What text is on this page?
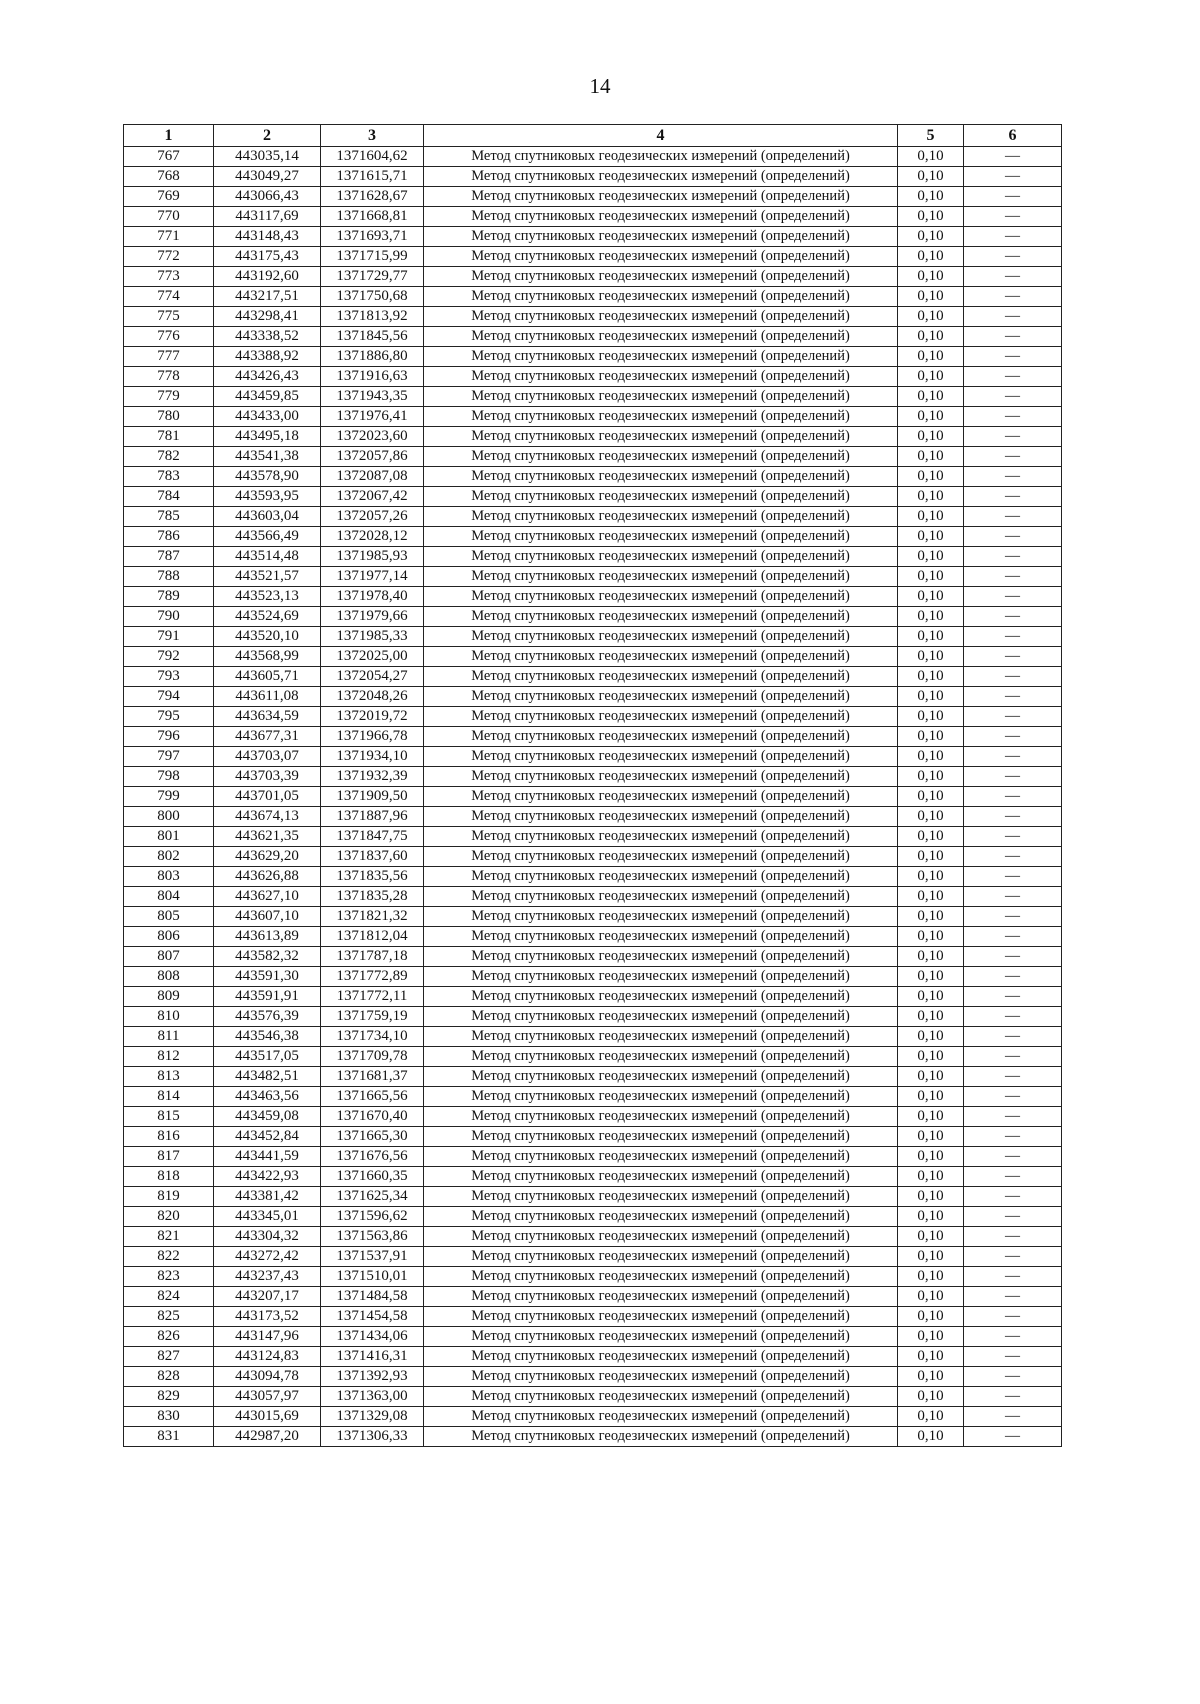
14
1	2	3	4	5	6
767	443035,14	1371604,62	Метод спутниковых геодезических измерений (определений)	0,10	—
768	443049,27	1371615,71	Метод спутниковых геодезических измерений (определений)	0,10	—
769	443066,43	1371628,67	Метод спутниковых геодезических измерений (определений)	0,10	—
770	443117,69	1371668,81	Метод спутниковых геодезических измерений (определений)	0,10	—
771	443148,43	1371693,71	Метод спутниковых геодезических измерений (определений)	0,10	—
772	443175,43	1371715,99	Метод спутниковых геодезических измерений (определений)	0,10	—
773	443192,60	1371729,77	Метод спутниковых геодезических измерений (определений)	0,10	—
774	443217,51	1371750,68	Метод спутниковых геодезических измерений (определений)	0,10	—
775	443298,41	1371813,92	Метод спутниковых геодезических измерений (определений)	0,10	—
776	443338,52	1371845,56	Метод спутниковых геодезических измерений (определений)	0,10	—
777	443388,92	1371886,80	Метод спутниковых геодезических измерений (определений)	0,10	—
778	443426,43	1371916,63	Метод спутниковых геодезических измерений (определений)	0,10	—
779	443459,85	1371943,35	Метод спутниковых геодезических измерений (определений)	0,10	—
780	443433,00	1371976,41	Метод спутниковых геодезических измерений (определений)	0,10	—
781	443495,18	1372023,60	Метод спутниковых геодезических измерений (определений)	0,10	—
782	443541,38	1372057,86	Метод спутниковых геодезических измерений (определений)	0,10	—
783	443578,90	1372087,08	Метод спутниковых геодезических измерений (определений)	0,10	—
784	443593,95	1372067,42	Метод спутниковых геодезических измерений (определений)	0,10	—
785	443603,04	1372057,26	Метод спутниковых геодезических измерений (определений)	0,10	—
786	443566,49	1372028,12	Метод спутниковых геодезических измерений (определений)	0,10	—
787	443514,48	1371985,93	Метод спутниковых геодезических измерений (определений)	0,10	—
788	443521,57	1371977,14	Метод спутниковых геодезических измерений (определений)	0,10	—
789	443523,13	1371978,40	Метод спутниковых геодезических измерений (определений)	0,10	—
790	443524,69	1371979,66	Метод спутниковых геодезических измерений (определений)	0,10	—
791	443520,10	1371985,33	Метод спутниковых геодезических измерений (определений)	0,10	—
792	443568,99	1372025,00	Метод спутниковых геодезических измерений (определений)	0,10	—
793	443605,71	1372054,27	Метод спутниковых геодезических измерений (определений)	0,10	—
794	443611,08	1372048,26	Метод спутниковых геодезических измерений (определений)	0,10	—
795	443634,59	1372019,72	Метод спутниковых геодезических измерений (определений)	0,10	—
796	443677,31	1371966,78	Метод спутниковых геодезических измерений (определений)	0,10	—
797	443703,07	1371934,10	Метод спутниковых геодезических измерений (определений)	0,10	—
798	443703,39	1371932,39	Метод спутниковых геодезических измерений (определений)	0,10	—
799	443701,05	1371909,50	Метод спутниковых геодезических измерений (определений)	0,10	—
800	443674,13	1371887,96	Метод спутниковых геодезических измерений (определений)	0,10	—
801	443621,35	1371847,75	Метод спутниковых геодезических измерений (определений)	0,10	—
802	443629,20	1371837,60	Метод спутниковых геодезических измерений (определений)	0,10	—
803	443626,88	1371835,56	Метод спутниковых геодезических измерений (определений)	0,10	—
804	443627,10	1371835,28	Метод спутниковых геодезических измерений (определений)	0,10	—
805	443607,10	1371821,32	Метод спутниковых геодезических измерений (определений)	0,10	—
806	443613,89	1371812,04	Метод спутниковых геодезических измерений (определений)	0,10	—
807	443582,32	1371787,18	Метод спутниковых геодезических измерений (определений)	0,10	—
808	443591,30	1371772,89	Метод спутниковых геодезических измерений (определений)	0,10	—
809	443591,91	1371772,11	Метод спутниковых геодезических измерений (определений)	0,10	—
810	443576,39	1371759,19	Метод спутниковых геодезических измерений (определений)	0,10	—
811	443546,38	1371734,10	Метод спутниковых геодезических измерений (определений)	0,10	—
812	443517,05	1371709,78	Метод спутниковых геодезических измерений (определений)	0,10	—
813	443482,51	1371681,37	Метод спутниковых геодезических измерений (определений)	0,10	—
814	443463,56	1371665,56	Метод спутниковых геодезических измерений (определений)	0,10	—
815	443459,08	1371670,40	Метод спутниковых геодезических измерений (определений)	0,10	—
816	443452,84	1371665,30	Метод спутниковых геодезических измерений (определений)	0,10	—
817	443441,59	1371676,56	Метод спутниковых геодезических измерений (определений)	0,10	—
818	443422,93	1371660,35	Метод спутниковых геодезических измерений (определений)	0,10	—
819	443381,42	1371625,34	Метод спутниковых геодезических измерений (определений)	0,10	—
820	443345,01	1371596,62	Метод спутниковых геодезических измерений (определений)	0,10	—
821	443304,32	1371563,86	Метод спутниковых геодезических измерений (определений)	0,10	—
822	443272,42	1371537,91	Метод спутниковых геодезических измерений (определений)	0,10	—
823	443237,43	1371510,01	Метод спутниковых геодезических измерений (определений)	0,10	—
824	443207,17	1371484,58	Метод спутниковых геодезических измерений (определений)	0,10	—
825	443173,52	1371454,58	Метод спутниковых геодезических измерений (определений)	0,10	—
826	443147,96	1371434,06	Метод спутниковых геодезических измерений (определений)	0,10	—
827	443124,83	1371416,31	Метод спутниковых геодезических измерений (определений)	0,10	—
828	443094,78	1371392,93	Метод спутниковых геодезических измерений (определений)	0,10	—
829	443057,97	1371363,00	Метод спутниковых геодезических измерений (определений)	0,10	—
830	443015,69	1371329,08	Метод спутниковых геодезических измерений (определений)	0,10	—
831	442987,20	1371306,33	Метод спутниковых геодезических измерений (определений)	0,10	—
